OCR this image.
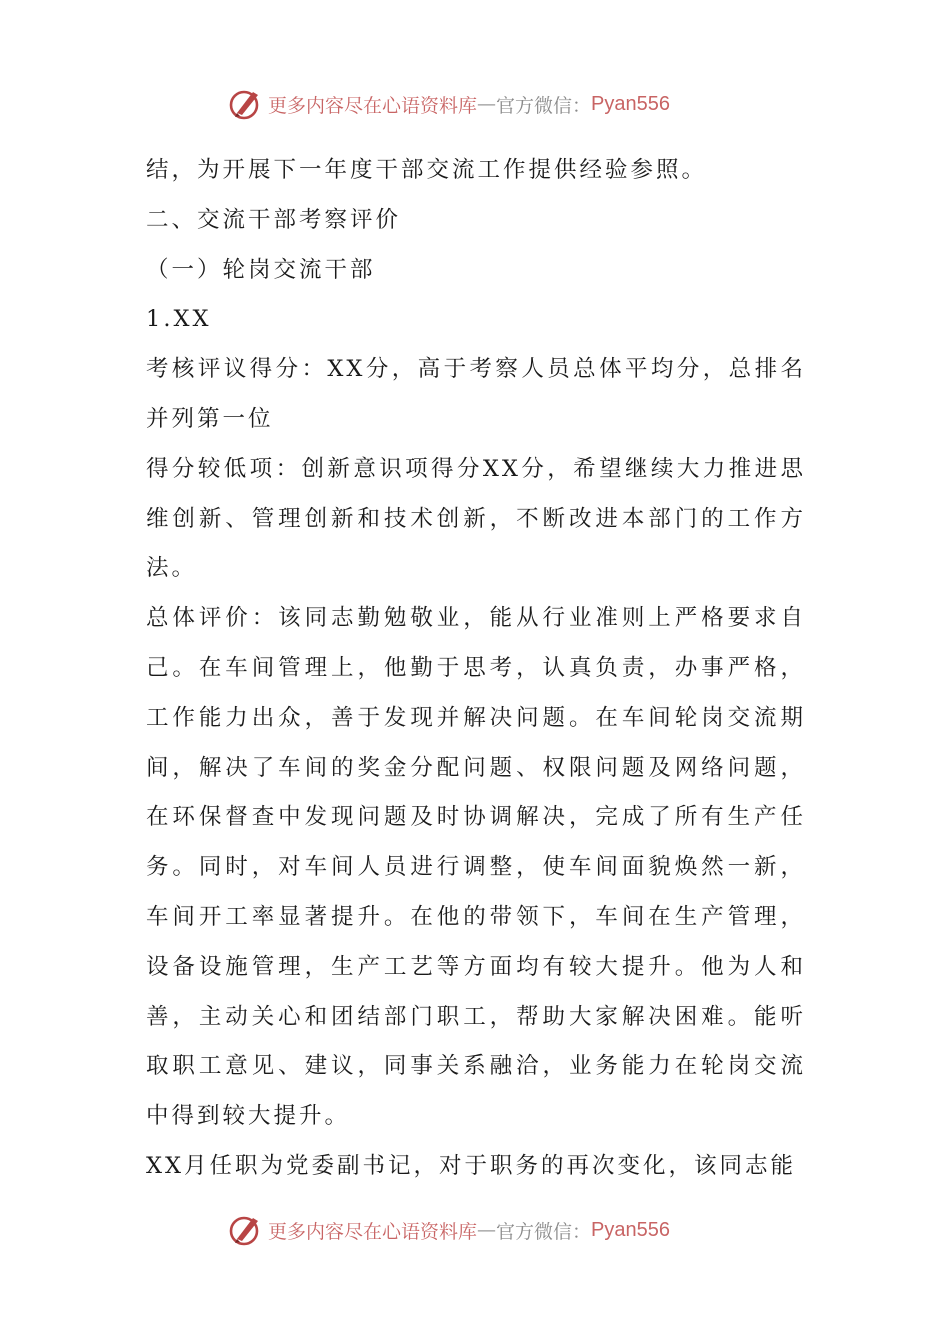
更多内容尽在心语资料库 — 官方微信： Pyan556

结，为开展下一年度干部交流工作提供经验参照。

二、交流干部考察评价

（一）轮岗交流干部

1.XX

考核评议得分：XX分，高于考察人员总体平均分，总排名并列第一位

得分较低项：创新意识项得分XX分，希望继续大力推进思维创新、管理创新和技术创新，不断改进本部门的工作方法。

总体评价：该同志勤勉敬业，能从行业准则上严格要求自己。在车间管理上，他勤于思考，认真负责，办事严格，工作能力出众，善于发现并解决问题。在车间轮岗交流期间，解决了车间的奖金分配问题、权限问题及网络问题，在环保督查中发现问题及时协调解决，完成了所有生产任务。同时，对车间人员进行调整，使车间面貌焕然一新，车间开工率显著提升。在他的带领下，车间在生产管理，设备设施管理，生产工艺等方面均有较大提升。他为人和善，主动关心和团结部门职工，帮助大家解决困难。能听取职工意见、建议，同事关系融洽，业务能力在轮岗交流中得到较大提升。

XX月任职为党委副书记，对于职务的再次变化，该同志能

更多内容尽在心语资料库 — 官方微信： Pyan556
